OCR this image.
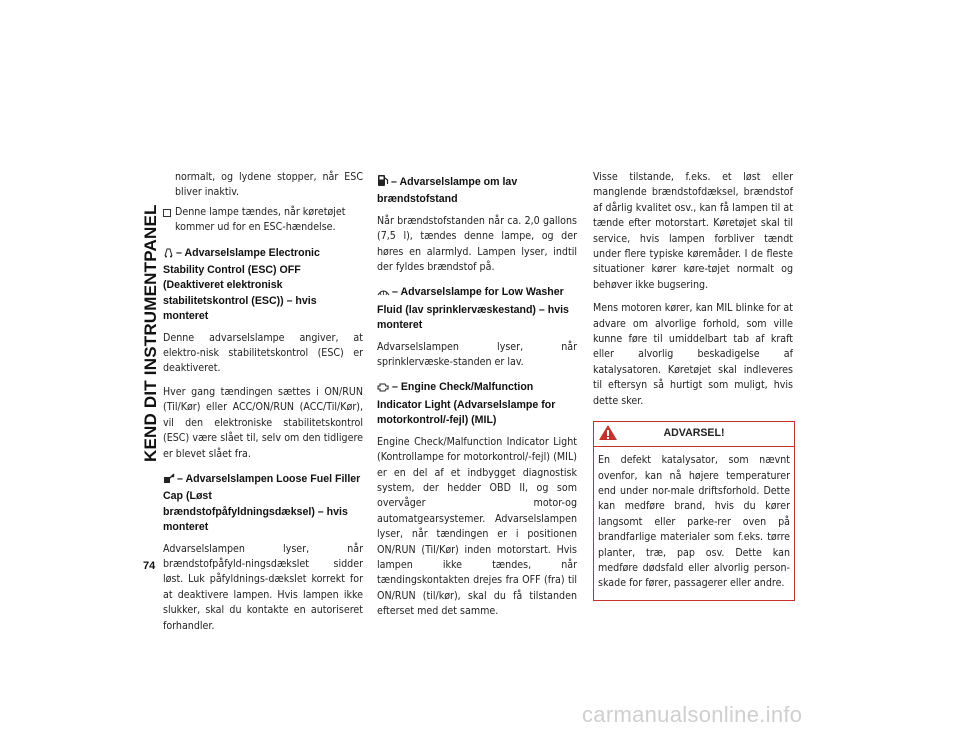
KEND DIT INSTRUMENTPANEL
74

normalt, og lydene stopper, når ESC bliver inaktiv.

Denne lampe tændes, når køretøjet kommer ud for en ESC-hændelse.
– Advarselslampe Electronic Stability Control (ESC) OFF (Deaktiveret elektronisk stabilitetskontrol (ESC)) – hvis monteret

Denne advarselslampe angiver, at elektro-nisk stabilitetskontrol (ESC) er deaktiveret.

Hver gang tændingen sættes i ON/RUN (Til/Kør) eller ACC/ON/RUN (ACC/Til/Kør), vil den elektroniske stabilitetskontrol (ESC) være slået til, selv om den tidligere er blevet slået fra.

– Advarselslampen Loose Fuel Filler Cap (Løst brændstofpåfyldningsdæksel) – hvis monteret

Advarselslampen lyser, når brændstofpåfyld-ningsdækslet sidder løst. Luk påfyldnings-dækslet korrekt for at deaktivere lampen. Hvis lampen ikke slukker, skal du kontakte en autoriseret forhandler.

– Advarselslampe om lav brændstofstand

Når brændstofstanden når ca. 2,0 gallons (7,5 l), tændes denne lampe, og der høres en alarmlyd. Lampen lyser, indtil der fyldes brændstof på.

– Advarselslampe for Low Washer Fluid (lav sprinklervæskestand) – hvis monteret

Advarselslampen lyser, når sprinklervæske-standen er lav.

– Engine Check/Malfunction Indicator Light (Advarselslampe for motorkontrol/-fejl) (MIL)

Engine Check/Malfunction Indicator Light (Kontrollampe for motorkontrol/-fejl) (MIL) er en del af et indbygget diagnostisk system, der hedder OBD II, og som overvåger motor-og automatgearsystemer. Advarselslampen lyser, når tændingen er i positionen ON/RUN (Til/Kør) inden motorstart. Hvis lampen ikke tændes, når tændingskontakten drejes fra OFF (fra) til ON/RUN (til/kør), skal du få tilstanden efterset med det samme.

Visse tilstande, f.eks. et løst eller manglende brændstofdæksel, brændstof af dårlig kvalitet osv., kan få lampen til at tænde efter motorstart. Køretøjet skal til service, hvis lampen forbliver tændt under flere typiske køremåder. I de fleste situationer kører køre-tøjet normalt og behøver ikke bugsering.

Mens motoren kører, kan MIL blinke for at advare om alvorlige forhold, som ville kunne føre til umiddelbart tab af kraft eller alvorlig beskadigelse af katalysatoren. Køretøjet skal indleveres til eftersyn så hurtigt som muligt, hvis dette sker.

ADVARSEL!

En defekt katalysator, som nævnt ovenfor, kan nå højere temperaturer end under nor-male driftsforhold. Dette kan medføre brand, hvis du kører langsomt eller parke-rer oven på brandfarlige materialer som f.eks. tørre planter, træ, pap osv. Dette kan medføre dødsfald eller alvorlig person-skade for fører, passagerer eller andre.

carmanualsonline.info
